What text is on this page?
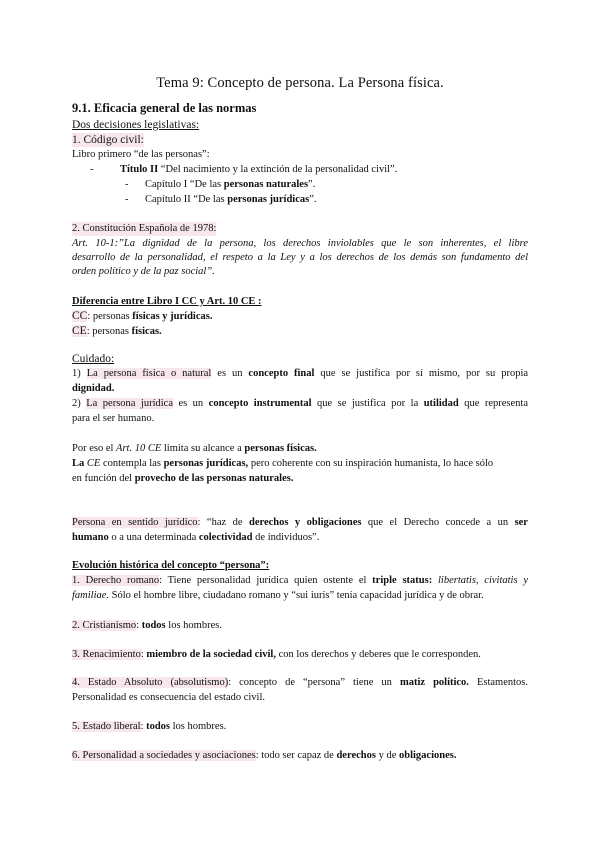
Tema 9: Concepto de persona. La Persona física.
9.1. Eficacia general de las normas
Dos decisiones legislativas:
1. Código civil:
Libro primero “de las personas”:
-	Título II “Del nacimiento y la extinción de la personalidad civil”.
- Capítulo I “De las personas naturales”.
- Capítulo II “De las personas jurídicas”.
2. Constitución Española de 1978:
Art. 10-1:”La dignidad de la persona, los derechos inviolables que le son inherentes, el libre
desarrollo de la personalidad, el respeto a la Ley y a los derechos de los demás son fundamento del
orden político y de la paz social”.
Diferencia entre Libro I CC y Art. 10 CE :
CC: personas físicas y jurídicas.
CE: personas físicas.
Cuidado:
1) La persona física o natural es un concepto final que se justifica por sí mismo, por su propia
dignidad.
2) La persona jurídica es un concepto instrumental que se justifica por la utilidad que representa
para el ser humano.
Por eso el Art. 10 CE limita su alcance a personas físicas.
La CE contempla las personas jurídicas, pero coherente con su inspiración humanista, lo hace sólo
en función del provecho de las personas naturales.
Persona en sentido jurídico: “haz de derechos y obligaciones que el Derecho concede a un ser
humano o a una determinada colectividad de individuos”.
Evolución histórica del concepto “persona”:
1. Derecho romano: Tiene personalidad jurídica quien ostente el triple status: libertatis, civitatis y
familiae. Sólo el hombre libre, ciudadano romano y “sui iuris” tenía capacidad jurídica y de obrar.
2. Cristianismo: todos los hombres.
3. Renacimiento: miembro de la sociedad civil, con los derechos y deberes que le corresponden.
4. Estado Absoluto (absolutismo): concepto de “persona” tiene un matiz político. Estamentos.
Personalidad es consecuencia del estado civil.
5. Estado liberal: todos los hombres.
6. Personalidad a sociedades y asociaciones: todo ser capaz de derechos y de obligaciones.
